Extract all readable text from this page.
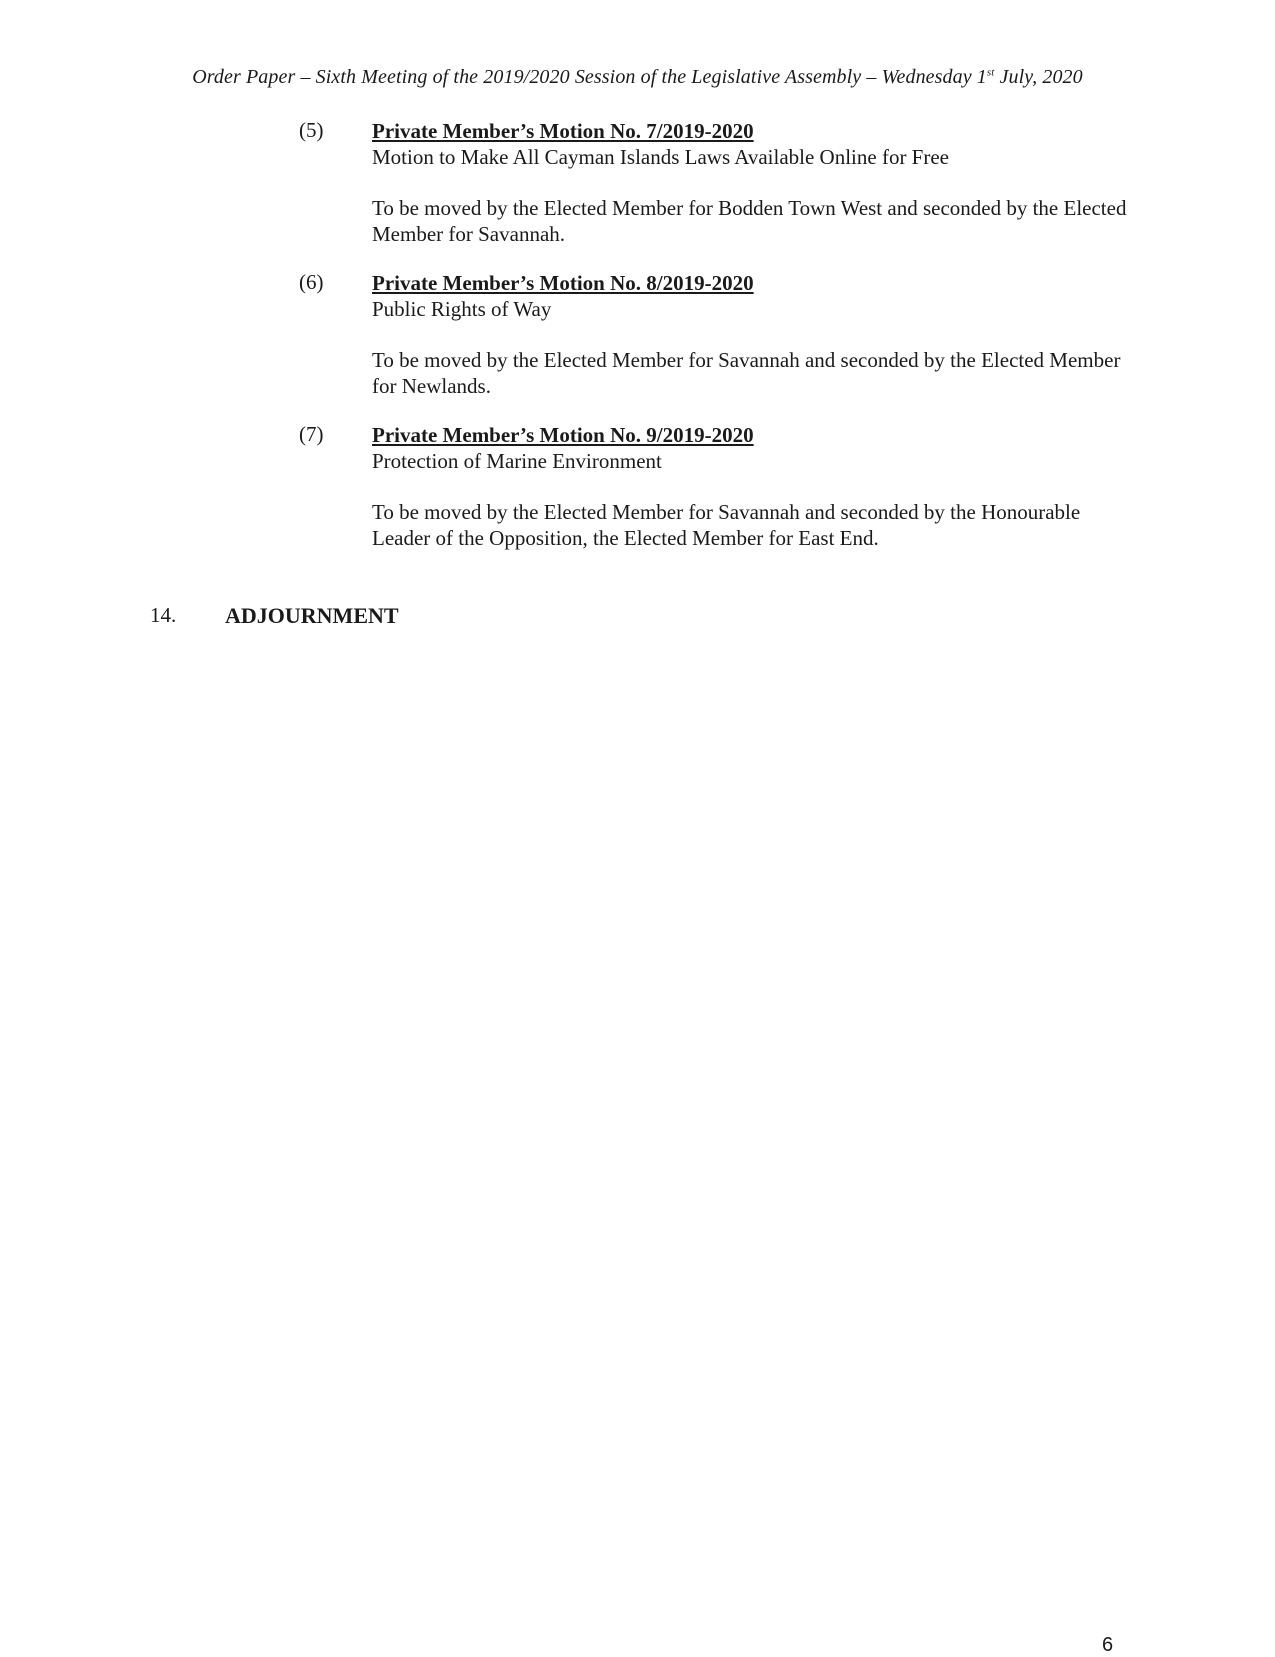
Order Paper – Sixth Meeting of the 2019/2020 Session of the Legislative Assembly – Wednesday 1st July, 2020
(5) Private Member’s Motion No. 7/2019-2020
Motion to Make All Cayman Islands Laws Available Online for Free
To be moved by the Elected Member for Bodden Town West and seconded by the Elected Member for Savannah.
(6) Private Member’s Motion No. 8/2019-2020
Public Rights of Way
To be moved by the Elected Member for Savannah and seconded by the Elected Member for Newlands.
(7) Private Member’s Motion No. 9/2019-2020
Protection of Marine Environment
To be moved by the Elected Member for Savannah and seconded by the Honourable Leader of the Opposition, the Elected Member for East End.
14. ADJOURNMENT
6
